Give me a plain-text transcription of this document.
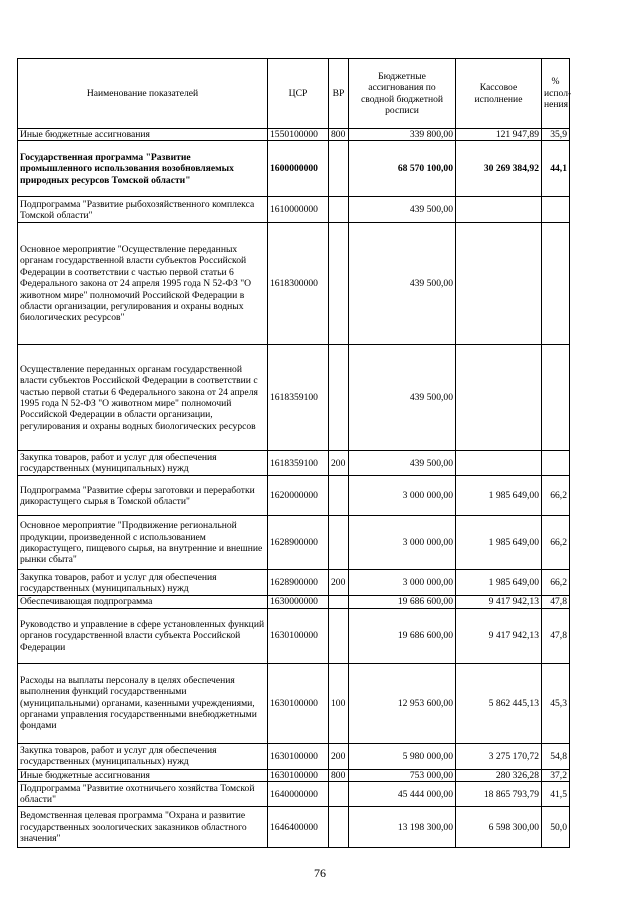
Наименование показателей	ЦСР	ВР	Бюджетные ассигнования по сводной бюджетной росписи	Кассовое исполнение	% испол-нения
Иные бюджетные ассигнования	1550100000	800	339 800,00	121 947,89	35,9
Государственная программа "Развитие промышленного использования возобновляемых природных ресурсов Томской области"	1600000000		68 570 100,00	30 269 384,92	44,1
Подпрограмма "Развитие рыбохозяйственного комплекса Томской области"	1610000000		439 500,00		
Основное мероприятие "Осуществление переданных органам государственной власти субъектов Российской Федерации в соответствии с частью первой статьи 6 Федерального закона от 24 апреля 1995 года N 52-ФЗ "О животном мире" полномочий Российской Федерации в области организации, регулирования и охраны водных биологических ресурсов"	1618300000		439 500,00		
Осуществление переданных органам государственной власти субъектов Российской Федерации в соответствии с частью первой статьи 6 Федерального закона от 24 апреля 1995 года N 52-ФЗ "О животном мире" полномочий Российской Федерации в области организации, регулирования и охраны водных биологических ресурсов	1618359100		439 500,00		
Закупка товаров, работ и услуг для обеспечения государственных (муниципальных) нужд	1618359100	200	439 500,00		
Подпрограмма "Развитие сферы заготовки и переработки дикорастущего сырья в Томской области"	1620000000		3 000 000,00	1 985 649,00	66,2
Основное мероприятие "Продвижение региональной продукции, произведенной с использованием дикорастущего, пищевого сырья, на внутренние и внешние рынки сбыта"	1628900000		3 000 000,00	1 985 649,00	66,2
Закупка товаров, работ и услуг для обеспечения государственных (муниципальных) нужд	1628900000	200	3 000 000,00	1 985 649,00	66,2
Обеспечивающая подпрограмма	1630000000		19 686 600,00	9 417 942,13	47,8
Руководство и управление в сфере установленных функций органов государственной власти субъекта Российской Федерации	1630100000		19 686 600,00	9 417 942,13	47,8
Расходы на выплаты персоналу в целях обеспечения выполнения функций государственными (муниципальными) органами, казенными учреждениями, органами управления государственными внебюджетными фондами	1630100000	100	12 953 600,00	5 862 445,13	45,3
Закупка товаров, работ и услуг для обеспечения государственных (муниципальных) нужд	1630100000	200	5 980 000,00	3 275 170,72	54,8
Иные бюджетные ассигнования	1630100000	800	753 000,00	280 326,28	37,2
Подпрограмма "Развитие охотничьего хозяйства Томской области"	1640000000		45 444 000,00	18 865 793,79	41,5
Ведомственная целевая программа "Охрана и развитие государственных зоологических заказников областного значения"	1646400000		13 198 300,00	6 598 300,00	50,0
76
